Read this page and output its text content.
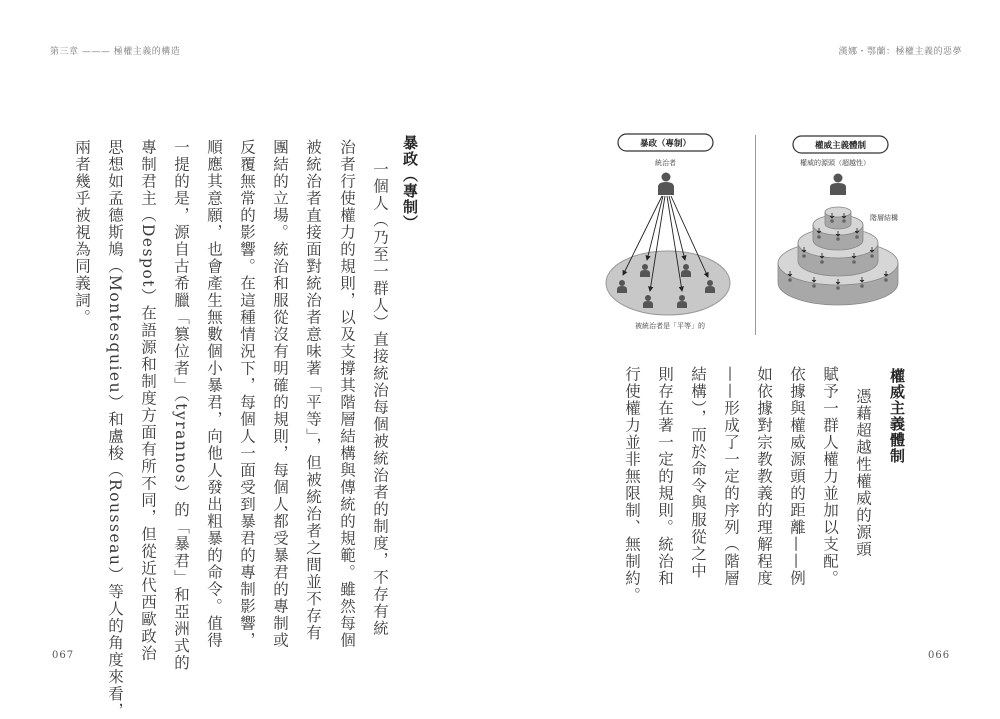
第三章 ——— 極權主義的構造	漢娜・鄂蘭：極權主義的惡夢
暴政（專制）
一個人（乃至一群人）直接統治每個被統治者的制度，不存有統
治者行使權力的規則，以及支撐其階層結構與傳統的規範。雖然每個
被統治者直接面對統治者意味著「平等」，但被統治者之間並不存有
團結的立場。統治和服從沒有明確的規則，每個人都受暴君的專制或
反覆無常的影響。在這種情況下，每個人一面受到暴君的專制影響，
順應其意願，也會產生無數個小暴君，向他人發出粗暴的命令。值得
一提的是，源自古希臘「篡位者」（tyrannos）的「暴君」和亞洲式的
專制君主（Despot）在語源和制度方面有所不同，但從近代西歐政治
思想如孟德斯鳩（Montesquieu）和盧梭（Rousseau）等人的角度來看，
兩者幾乎被視為同義詞。
067
暴政（專制）
統治者
被統治者是「平等」的
權威主義體制
權威的源頭（超越性）
階層結構
權威主義體制
憑藉超越性權威的源頭
賦予一群人權力並加以支配。
依據與權威源頭的距離——例
如依據對宗教教義的理解程度
——形成了一定的序列（階層
結構），而於命令與服從之中
則存在著一定的規則。統治和
行使權力並非無限制、無制約。
066
